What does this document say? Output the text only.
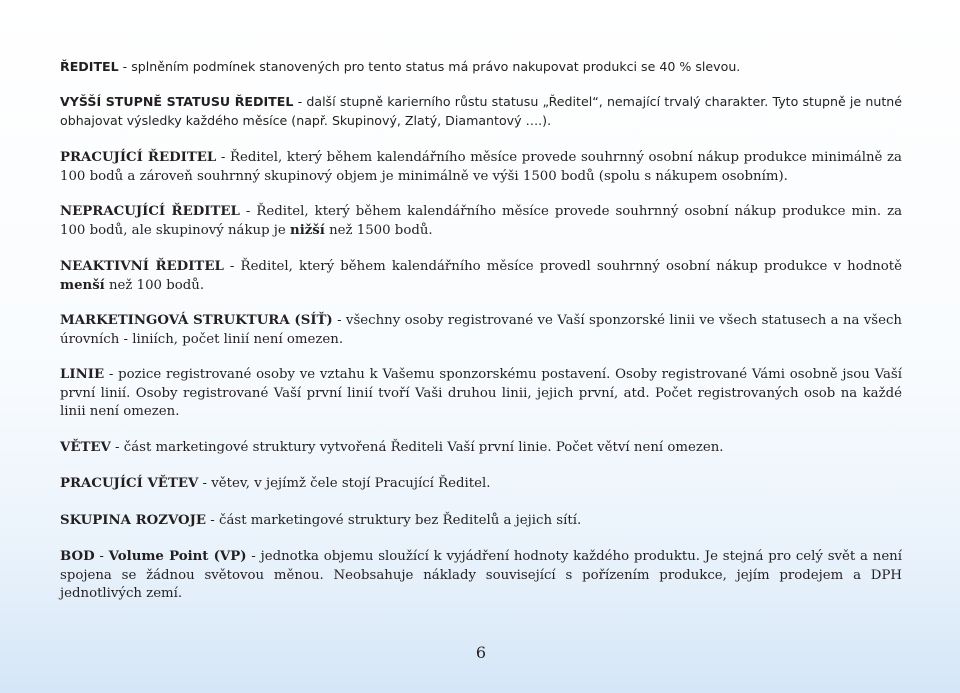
ŘEDITEL - splněním podmínek stanovených pro tento status má právo nakupovat produkci se 40 % slevou.

VYŠŠÍ STUPNĚ STATUSU ŘEDITEL - další stupně karierního růstu statusu „Ředitel“, nemající trvalý charakter. Tyto stupně je nutné obhajovat výsledky každého měsíce (např. Skupinový, Zlatý, Diamantový ….).

PRACUJÍCÍ ŘEDITEL - Ředitel, který během kalendářního měsíce provede souhrnný osobní nákup produkce minimálně za 100 bodů a zároveň souhrnný skupinový objem je minimálně ve výši 1500 bodů (spolu s nákupem osobním).

NEPRACUJÍCÍ ŘEDITEL - Ředitel, který během kalendářního měsíce provede souhrnný osobní nákup produkce min. za 100 bodů, ale skupinový nákup je nižší než 1500 bodů.

NEAKTIVNÍ ŘEDITEL - Ředitel, který během kalendářního měsíce provedl souhrnný osobní nákup produkce v hodnotě menší než 100 bodů.

MARKETINGOVÁ STRUKTURA (SÍŤ) - všechny osoby registrované ve Vaší sponzorské linii ve všech statusech a na všech úrovních - liniích, počet linií není omezen.

LINIE - pozice registrované osoby ve vztahu k Vašemu sponzorskému postavení. Osoby registrované Vámi osobně jsou Vaší první linií. Osoby registrované Vaší první linií tvoří Vaši druhou linii, jejich první, atd. Počet registrovaných osob na každé linii není omezen.

VĚTEV - část marketingové struktury vytvořená Řediteli Vaší první linie. Počet větví není omezen.

PRACUJÍCÍ VĚTEV - větev, v jejímž čele stojí Pracující Ředitel.

SKUPINA ROZVOJE - část marketingové struktury bez Ředitelů a jejich sítí.

BOD - Volume Point (VP) - jednotka objemu sloužící k vyjádření hodnoty každého produktu. Je stejná pro celý svět a není spojena se žádnou světovou měnou. Neobsahuje náklady související s pořízením produkce, jejím prodejem a DPH jednotlivých zemí.

6
